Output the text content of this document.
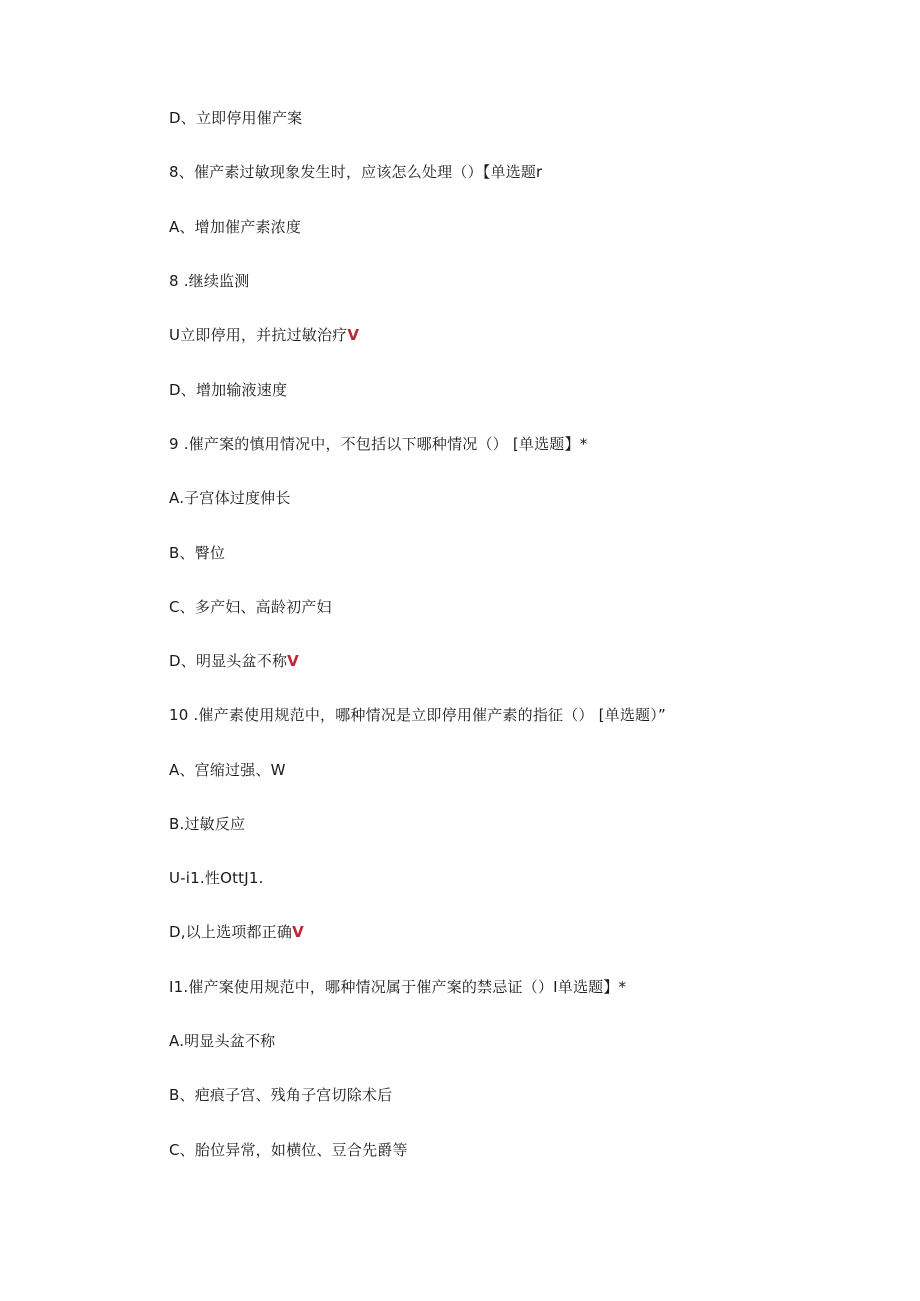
D、立即停用催产案
8、催产素过敏现象发生时，应该怎么处理（）【单选题r
A、增加催产素浓度
8 .继续监测
U立即停用，并抗过敏治疗V
D、增加输液速度
9 .催产案的慎用情况中，不包括以下哪种情况（） [单选题】*
A.子宫体过度伸长
B、臀位
C、多产妇、高龄初产妇
D、明显头盆不称V
10 .催产素使用规范中，哪种情况是立即停用催产素的指征（） [单选题）”
A、宫缩过强、W
B.过敏反应
U-i1.性OttJ1.
D,以上选项都正确V
I1.催产案使用规范中，哪种情况属于催产案的禁忌证（）I单选题】*
A.明显头盆不称
B、疤痕子宫、残角子宫切除术后
C、胎位异常，如横位、豆合先爵等
